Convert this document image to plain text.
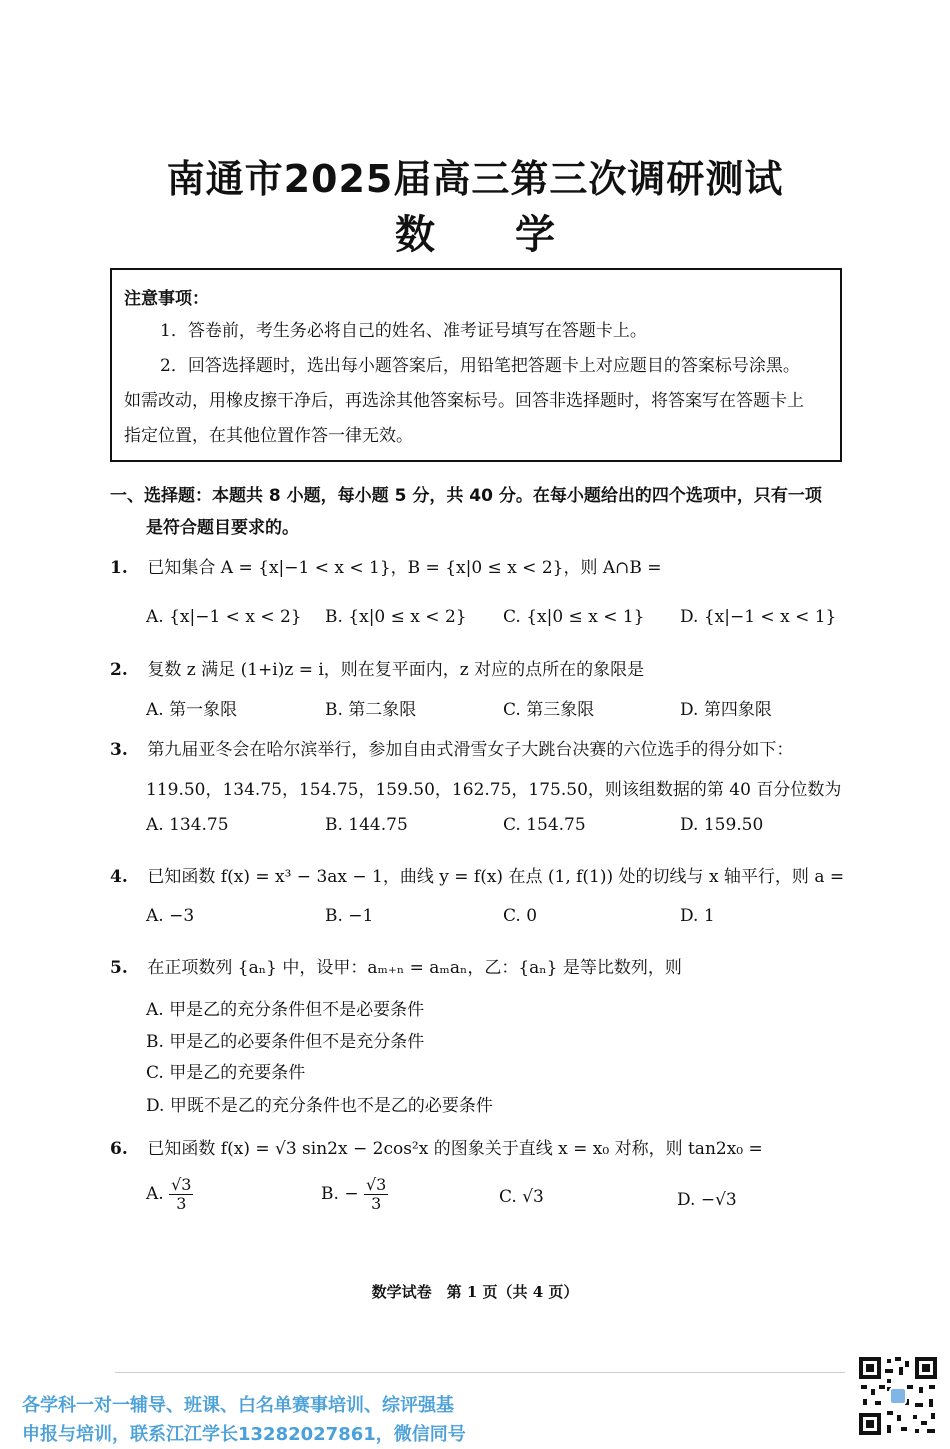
南通市2025届高三第三次调研测试
数学
注意事项：
1．答卷前，考生务必将自己的姓名、准考证号填写在答题卡上。
2．回答选择题时，选出每小题答案后，用铅笔把答题卡上对应题目的答案标号涂黑。
如需改动，用橡皮擦干净后，再选涂其他答案标号。回答非选择题时，将答案写在答题卡上
指定位置，在其他位置作答一律无效。
一、选择题：本题共 8 小题，每小题 5 分，共 40 分。在每小题给出的四个选项中，只有一项
是符合题目要求的。
1. 已知集合 A = {x|−1 < x < 1}，B = {x|0 ≤ x < 2}，则 A∩B =
A. {x|−1 < x < 2} B. {x|0 ≤ x < 2} C. {x|0 ≤ x < 1} D. {x|−1 < x < 1}
2. 复数 z 满足 (1+i)z = i，则在复平面内，z 对应的点所在的象限是
A. 第一象限	B. 第二象限	C. 第三象限	D. 第四象限
3. 第九届亚冬会在哈尔滨举行，参加自由式滑雪女子大跳台决赛的六位选手的得分如下：
119.50，134.75，154.75，159.50，162.75，175.50，则该组数据的第 40 百分位数为
A. 134.75	B. 144.75	C. 154.75	D. 159.50
4. 已知函数 f(x) = x³ − 3ax − 1，曲线 y = f(x) 在点 (1, f(1)) 处的切线与 x 轴平行，则 a =
A. −3	B. −1	C. 0	D. 1
5. 在正项数列 {aₙ} 中，设甲：aₘ₊ₙ = aₘaₙ，乙：{aₙ} 是等比数列，则
A. 甲是乙的充分条件但不是必要条件
B. 甲是乙的必要条件但不是充分条件
C. 甲是乙的充要条件
D. 甲既不是乙的充分条件也不是乙的必要条件
6. 已知函数 f(x) = √3 sin2x − 2cos²x 的图象关于直线 x = x₀ 对称，则 tan2x₀ =
A. $\frac{√3}{3}$	B. − $\frac{√3}{3}$	C. √3	D. −√3
数学试卷　第 1 页（共 4 页）
各学科一对一辅导、班课、白名单赛事培训、综评强基
申报与培训，联系江江学长13282027861，微信同号
